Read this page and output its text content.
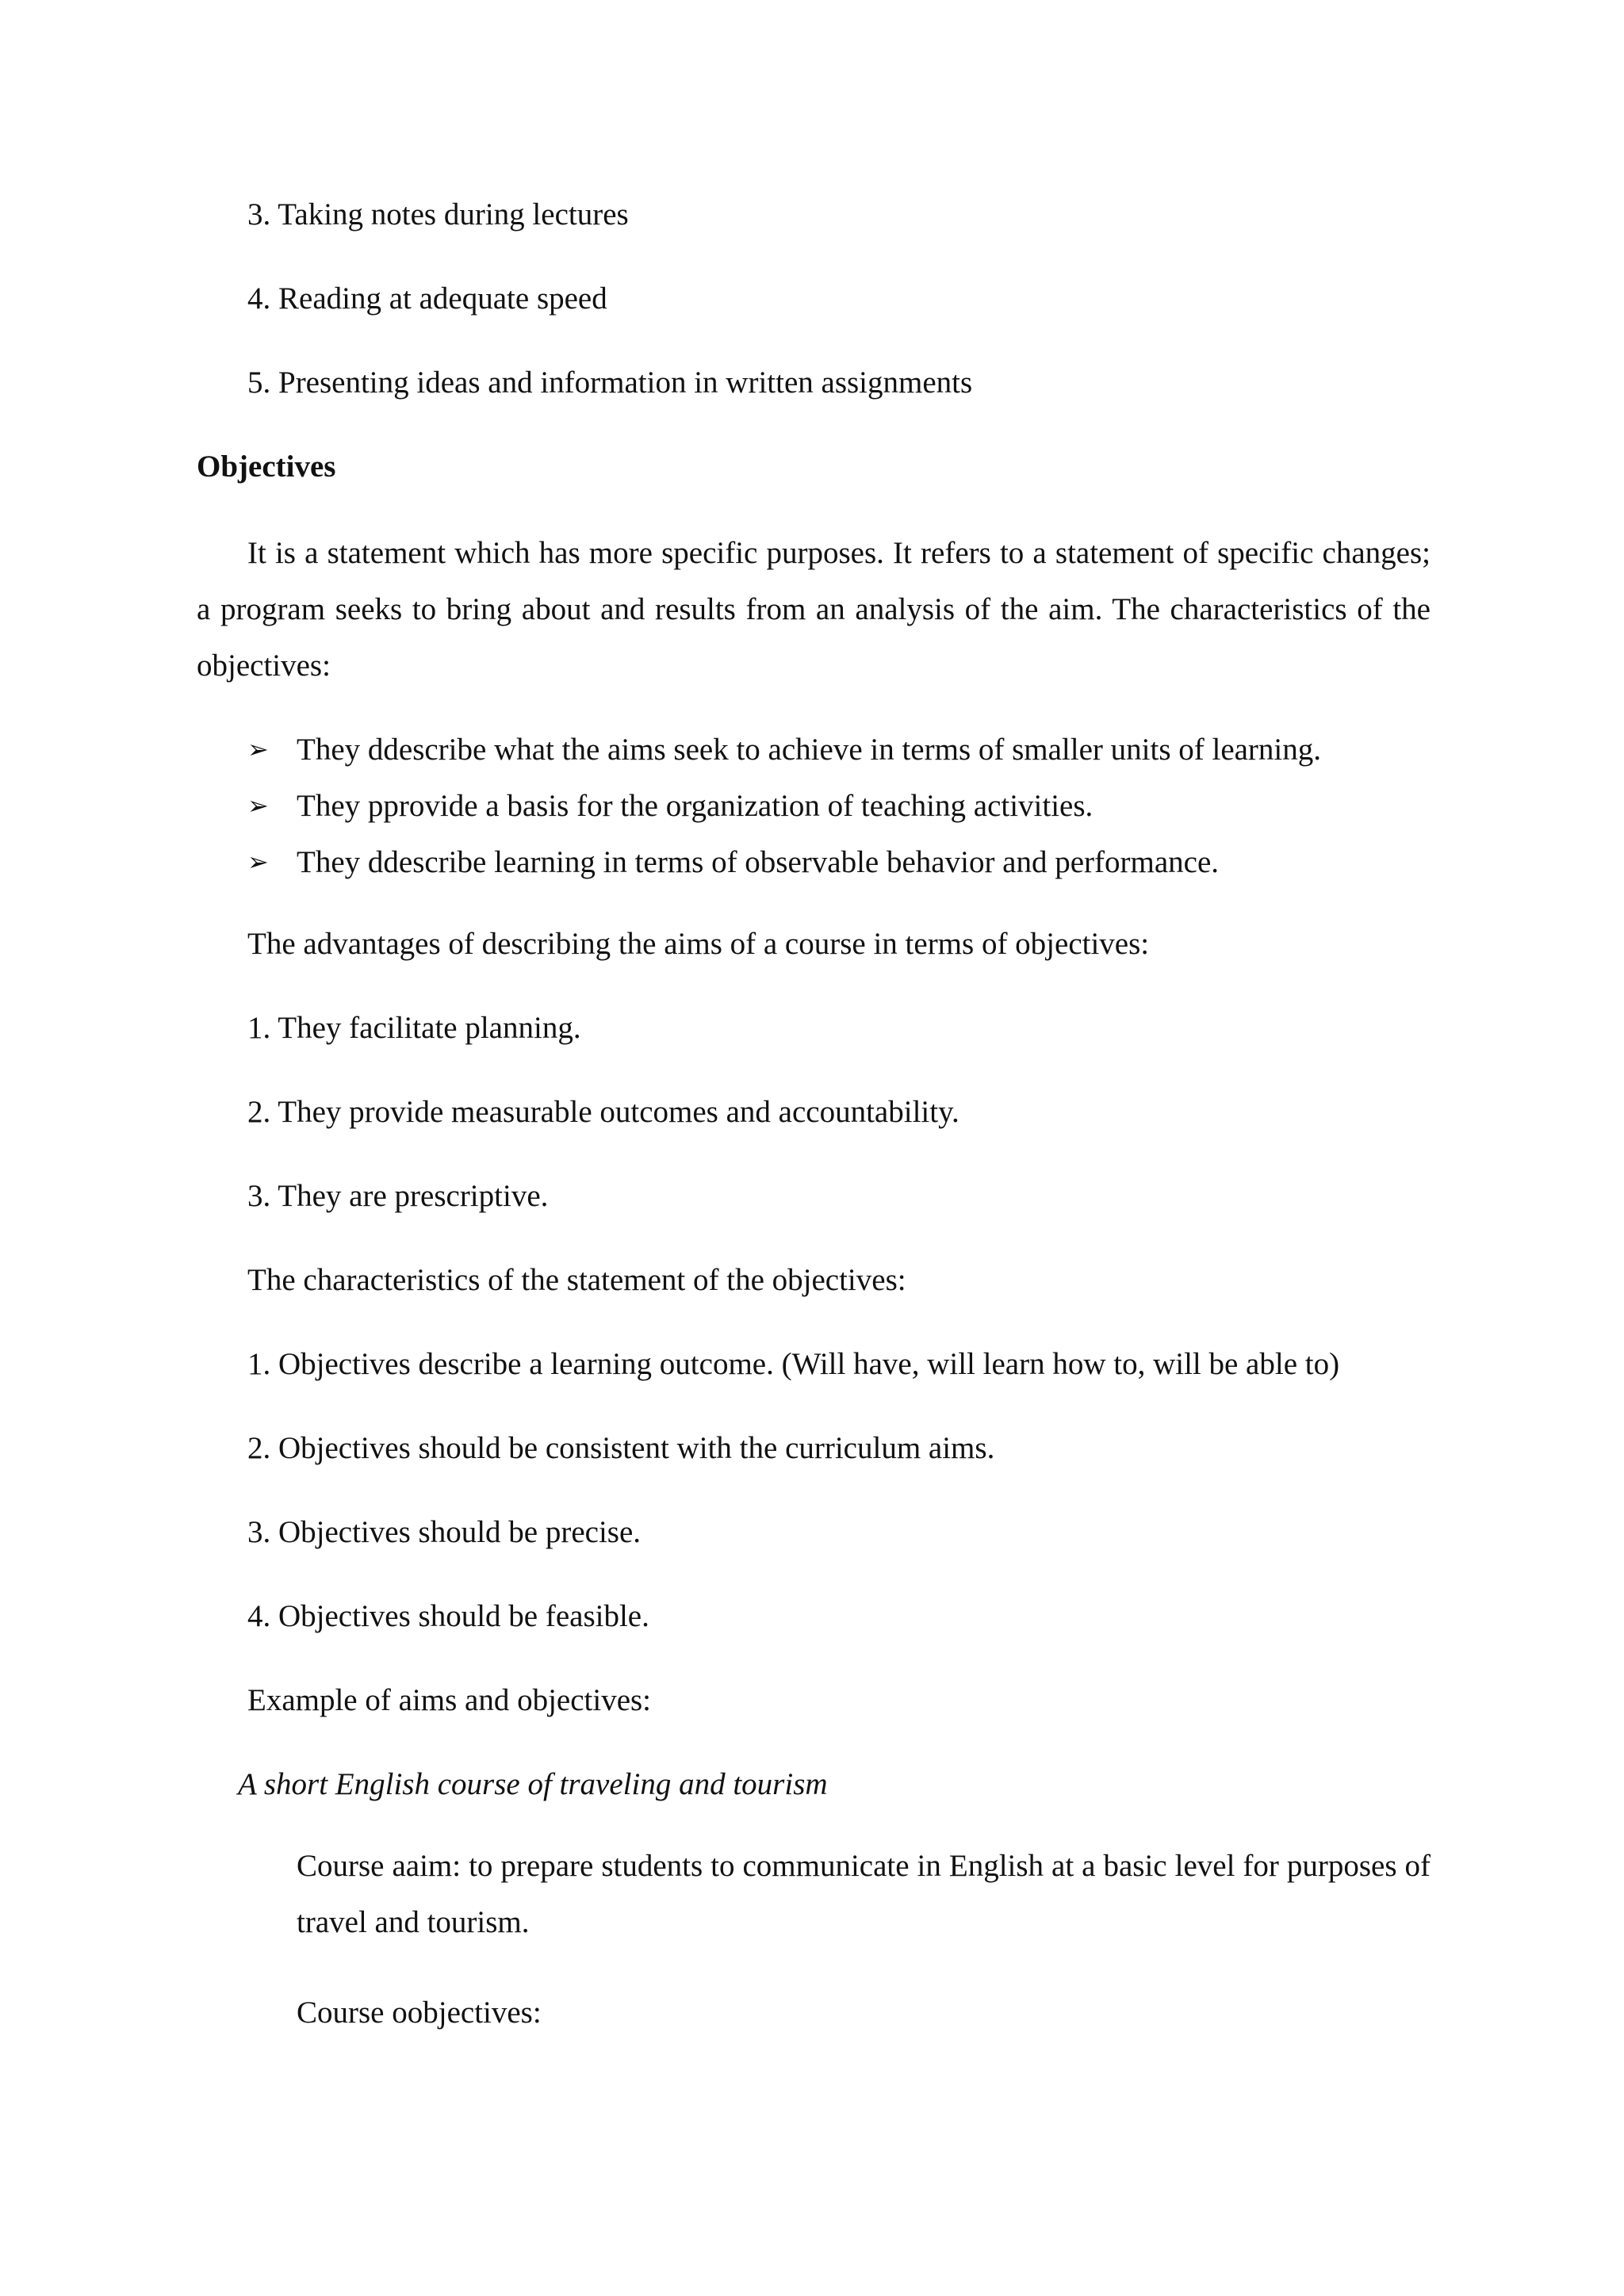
3. Taking notes during lectures
4. Reading at adequate speed
5. Presenting ideas and information in written assignments
Objectives
It is a statement which has more specific purposes. It refers to a statement of specific changes; a program seeks to bring about and results from an analysis of the aim. The characteristics of the objectives:
➢ They ddescribe what the aims seek to achieve in terms of smaller units of learning.
➢ They pprovide a basis for the organization of teaching activities.
➢ They ddescribe learning in terms of observable behavior and performance.
The advantages of describing the aims of a course in terms of objectives:
1. They facilitate planning.
2. They provide measurable outcomes and accountability.
3. They are prescriptive.
The characteristics of the statement of the objectives:
1. Objectives describe a learning outcome. (Will have, will learn how to, will be able to)
2. Objectives should be consistent with the curriculum aims.
3. Objectives should be precise.
4. Objectives should be feasible.
Example of aims and objectives:
A short English course of traveling and tourism
Course aaim: to prepare students to communicate in English at a basic level for purposes of travel and tourism.
Course oobjectives:
